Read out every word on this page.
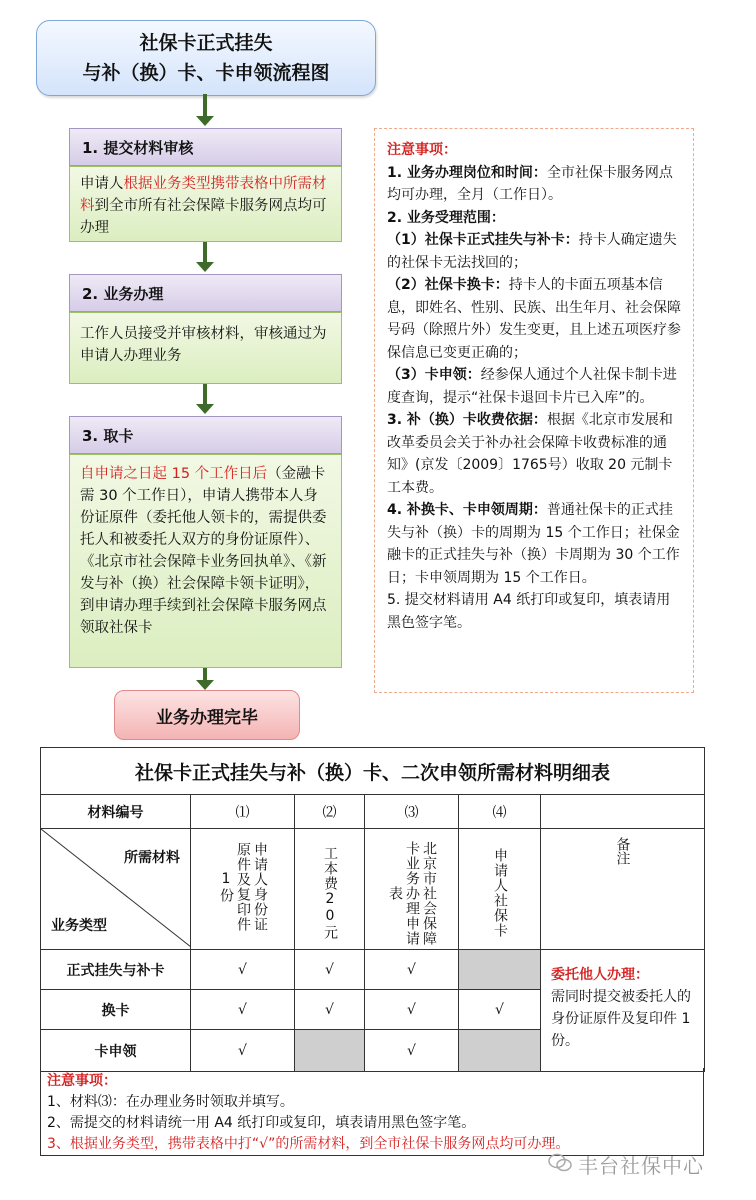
社保卡正式挂失
与补（换）卡、卡申领流程图
1. 提交材料审核
申请人根据业务类型携带表格中所需材料到全市所有社会保障卡服务网点均可办理
2. 业务办理
工作人员接受并审核材料，审核通过为申请人办理业务
3. 取卡
自申请之日起 15 个工作日后（金融卡需 30 个工作日），申请人携带本人身份证原件（委托他人领卡的，需提供委托人和被委托人双方的身份证原件）、《北京市社会保障卡业务回执单》、《新发与补（换）社会保障卡领卡证明》，到申请办理手续到社会保障卡服务网点领取社保卡
业务办理完毕

注意事项：

1. 业务办理岗位和时间：全市社保卡服务网点均可办理，全月（工作日）。

2. 业务受理范围：

（1）社保卡正式挂失与补卡：持卡人确定遗失的社保卡无法找回的；

（2）社保卡换卡：持卡人的卡面五项基本信息，即姓名、性别、民族、出生年月、社会保障号码（除照片外）发生变更，且上述五项医疗参保信息已变更正确的；

（3）卡申领：经参保人通过个人社保卡制卡进度查询，提示“社保卡退回卡片已入库”的。

3. 补（换）卡收费依据：根据《北京市发展和改革委员会关于补办社会保障卡收费标准的通知》(京发〔2009〕1765号）收取 20 元制卡工本费。

4. 补换卡、卡申领周期：普通社保卡的正式挂失与补（换）卡的周期为 15 个工作日；社保金融卡的正式挂失与补（换）卡周期为 30 个工作日；卡申领周期为 15 个工作日。

5. 提交材料请用 A4 纸打印或复印，填表请用黑色签字笔。

社保卡正式挂失与补（换）卡、二次申领所需材料明细表					
材料编号	⑴	⑵	⑶	⑷	

所需材料
业务类型	申请人身份证原件及复印件1份	工本费20元	北京市社会保障卡业务办理申请表	申请人社保卡	备注

正式挂失与补卡	√	√	√		委托他人办理：
需同时提交被委托人的身份证原件及复印件 1 份。

换卡	√	√	√	√	
卡申领	√		√		
注意事项：
1、材料⑶：在办理业务时领取并填写。
2、需提交的材料请统一用 A4 纸打印或复印，填表请用黑色签字笔。
3、根据业务类型，携带表格中打“√”的所需材料，到全市社保卡服务网点均可办理。
丰台社保中心
